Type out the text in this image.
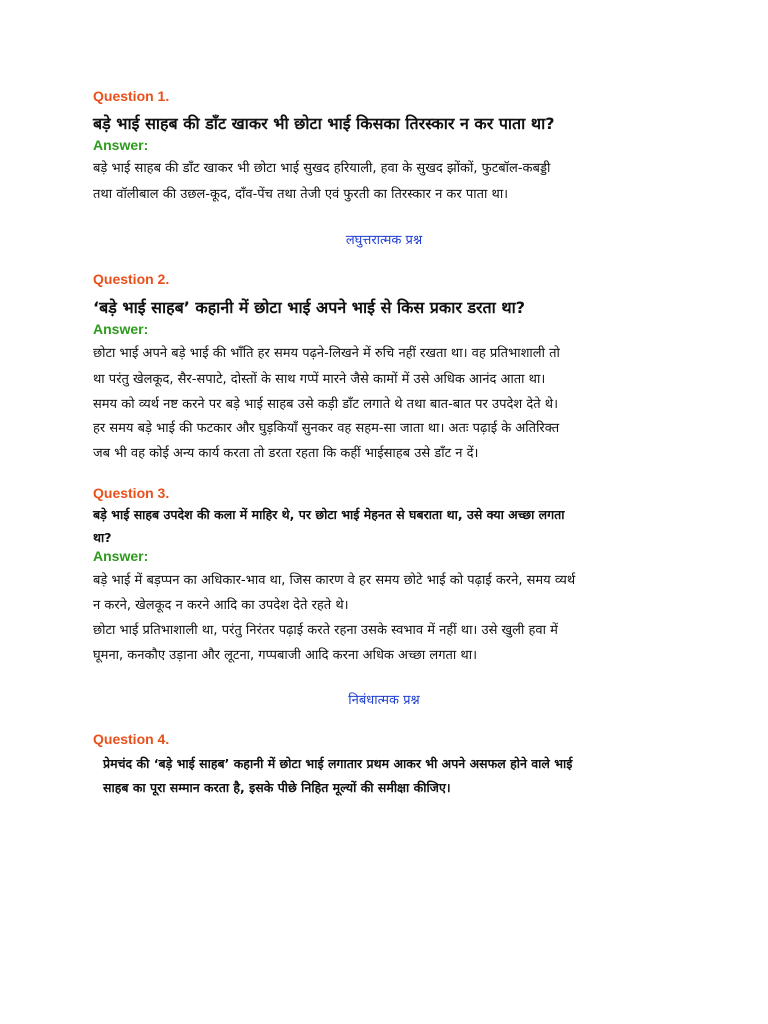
Question 1.
बड़े भाई साहब की डाँट खाकर भी छोटा भाई किसका तिरस्कार न कर पाता था?
Answer:
बड़े भाई साहब की डाँट खाकर भी छोटा भाई सुखद हरियाली, हवा के सुखद झोंकों, फुटबॉल-कबड्डी
तथा वॉलीबाल की उछल-कूद, दाँव-पेंच तथा तेजी एवं फुरती का तिरस्कार न कर पाता था।
लघुत्तरात्मक प्रश्न
Question 2.
‘बड़े भाई साहब’ कहानी में छोटा भाई अपने भाई से किस प्रकार डरता था?
Answer:
छोटा भाई अपने बड़े भाई की भाँति हर समय पढ़ने-लिखने में रुचि नहीं रखता था। वह प्रतिभाशाली तो
था परंतु खेलकूद, सैर-सपाटे, दोस्तों के साथ गप्पें मारने जैसे कामों में उसे अधिक आनंद आता था।
समय को व्यर्थ नष्ट करने पर बड़े भाई साहब उसे कड़ी डाँट लगाते थे तथा बात-बात पर उपदेश देते थे।
हर समय बड़े भाई की फटकार और घुड़कियाँ सुनकर वह सहम-सा जाता था। अतः पढ़ाई के अतिरिक्त
जब भी वह कोई अन्य कार्य करता तो डरता रहता कि कहीं भाईसाहब उसे डाँट न दें।
Question 3.
बड़े भाई साहब उपदेश की कला में माहिर थे, पर छोटा भाई मेहनत से घबराता था, उसे क्या अच्छा लगता
था?
Answer:
बड़े भाई में बड़प्पन का अधिकार-भाव था, जिस कारण वे हर समय छोटे भाई को पढ़ाई करने, समय व्यर्थ
न करने, खेलकूद न करने आदि का उपदेश देते रहते थे।
छोटा भाई प्रतिभाशाली था, परंतु निरंतर पढ़ाई करते रहना उसके स्वभाव में नहीं था। उसे खुली हवा में
घूमना, कनकौए उड़ाना और लूटना, गप्पबाजी आदि करना अधिक अच्छा लगता था।
निबंधात्मक प्रश्न
Question 4.
प्रेमचंद की ‘बड़े भाई साहब’ कहानी में छोटा भाई लगातार प्रथम आकर भी अपने असफल होने वाले भाई
साहब का पूरा सम्मान करता है, इसके पीछे निहित मूल्यों की समीक्षा कीजिए।
